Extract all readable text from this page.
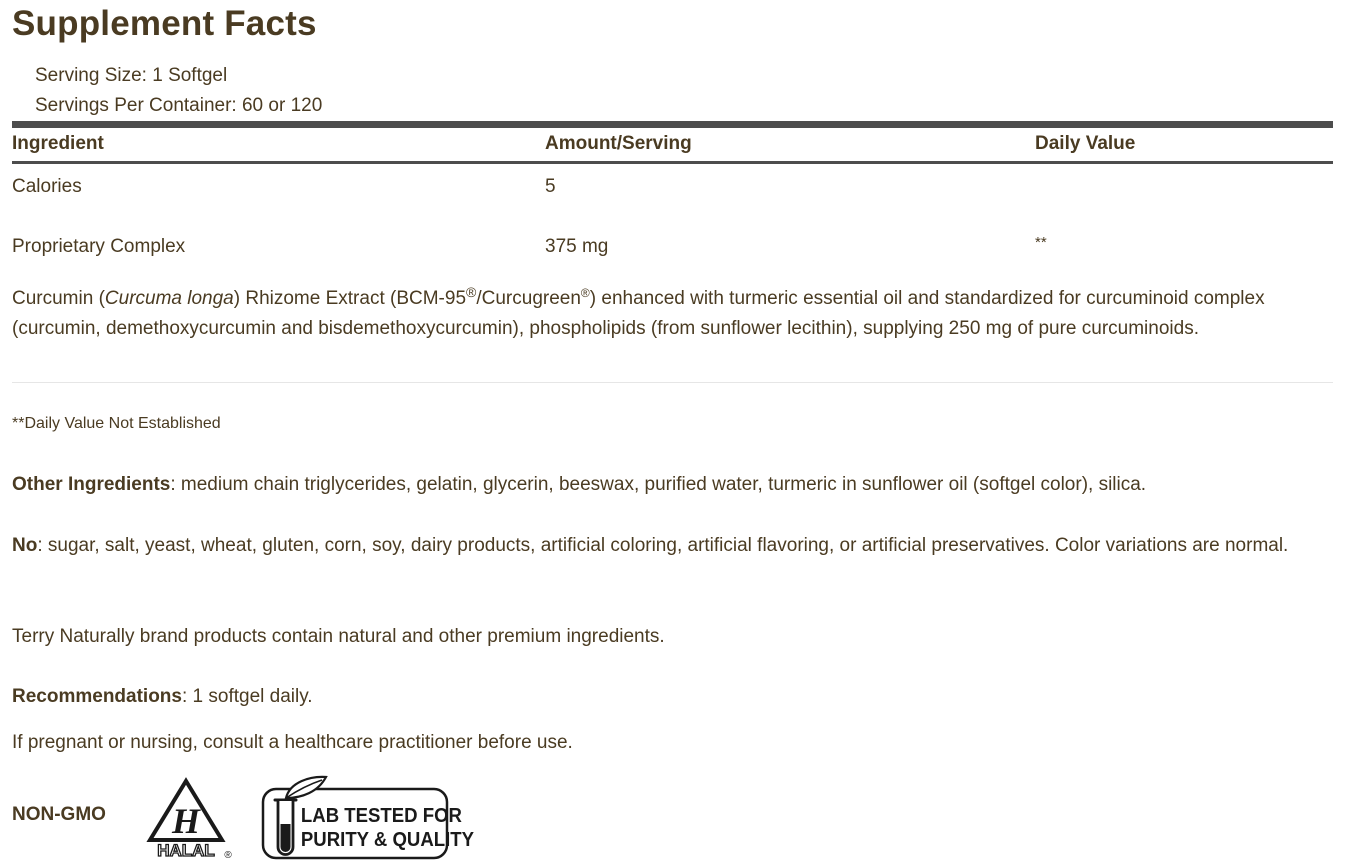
Supplement Facts
Serving Size: 1 Softgel
Servings Per Container: 60 or 120
Ingredient	Amount/Serving	Daily Value
Calories	5
Proprietary Complex	375 mg	**
Curcumin (Curcuma longa) Rhizome Extract (BCM-95®/Curcugreen®) enhanced with turmeric essential oil and standardized for curcuminoid complex (curcumin, demethoxycurcumin and bisdemethoxycurcumin), phospholipids (from sunflower lecithin), supplying 250 mg of pure curcuminoids.
**Daily Value Not Established
Other Ingredients: medium chain triglycerides, gelatin, glycerin, beeswax, purified water, turmeric in sunflower oil (softgel color), silica.
No: sugar, salt, yeast, wheat, gluten, corn, soy, dairy products, artificial coloring, artificial flavoring, or artificial preservatives. Color variations are normal.
Terry Naturally brand products contain natural and other premium ingredients.
Recommendations: 1 softgel daily.
If pregnant or nursing, consult a healthcare practitioner before use.
NON-GMO H
HALAL ®
LAB TESTED FOR
PURITY & QUALITY
